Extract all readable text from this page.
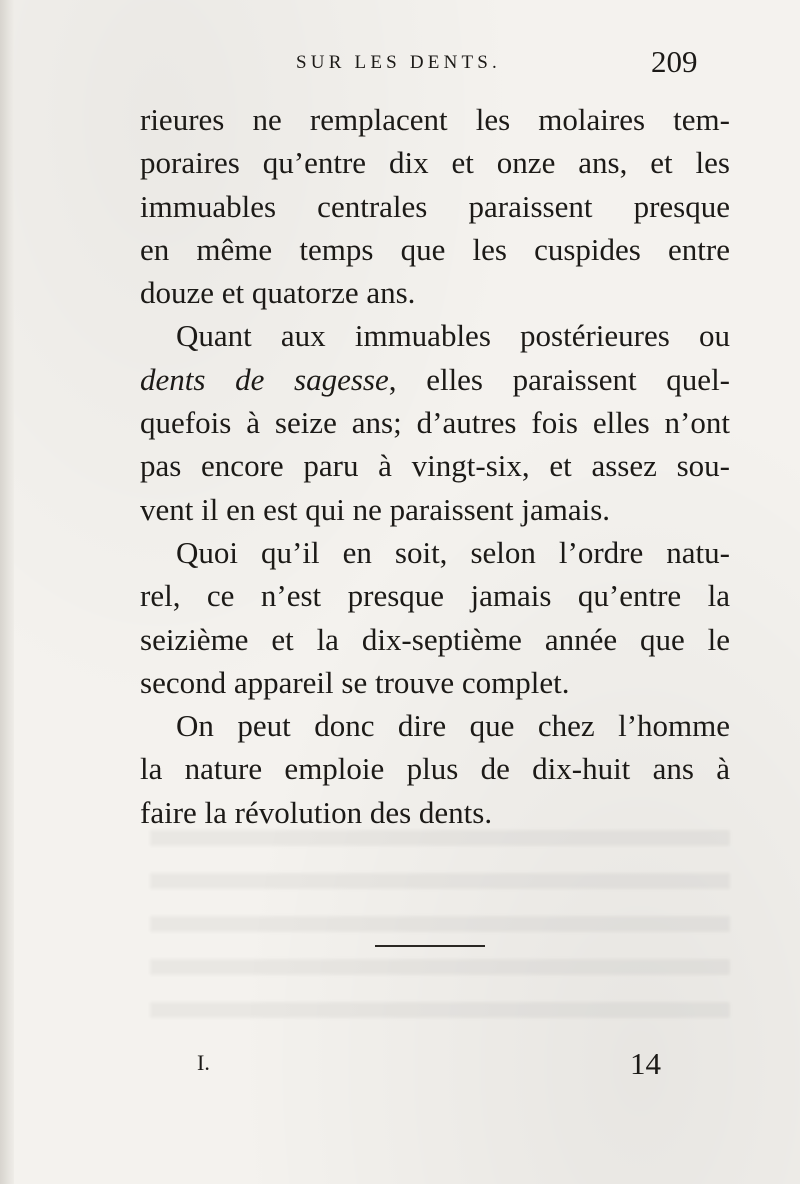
SUR LES DENTS.	209
rieures ne remplacent les molaires tem-
poraires qu’entre dix et onze ans, et les
immuables centrales paraissent presque
en même temps que les cuspides entre
douze et quatorze ans.
Quant aux immuables postérieures ou
dents de sagesse, elles paraissent quel-
quefois à seize ans; d’autres fois elles n’ont
pas encore paru à vingt-six, et assez sou-
vent il en est qui ne paraissent jamais.
Quoi qu’il en soit, selon l’ordre natu-
rel, ce n’est presque jamais qu’entre la
seizième et la dix-septième année que le
second appareil se trouve complet.
On peut donc dire que chez l’homme
la nature emploie plus de dix-huit ans à
faire la révolution des dents.
I.	14
